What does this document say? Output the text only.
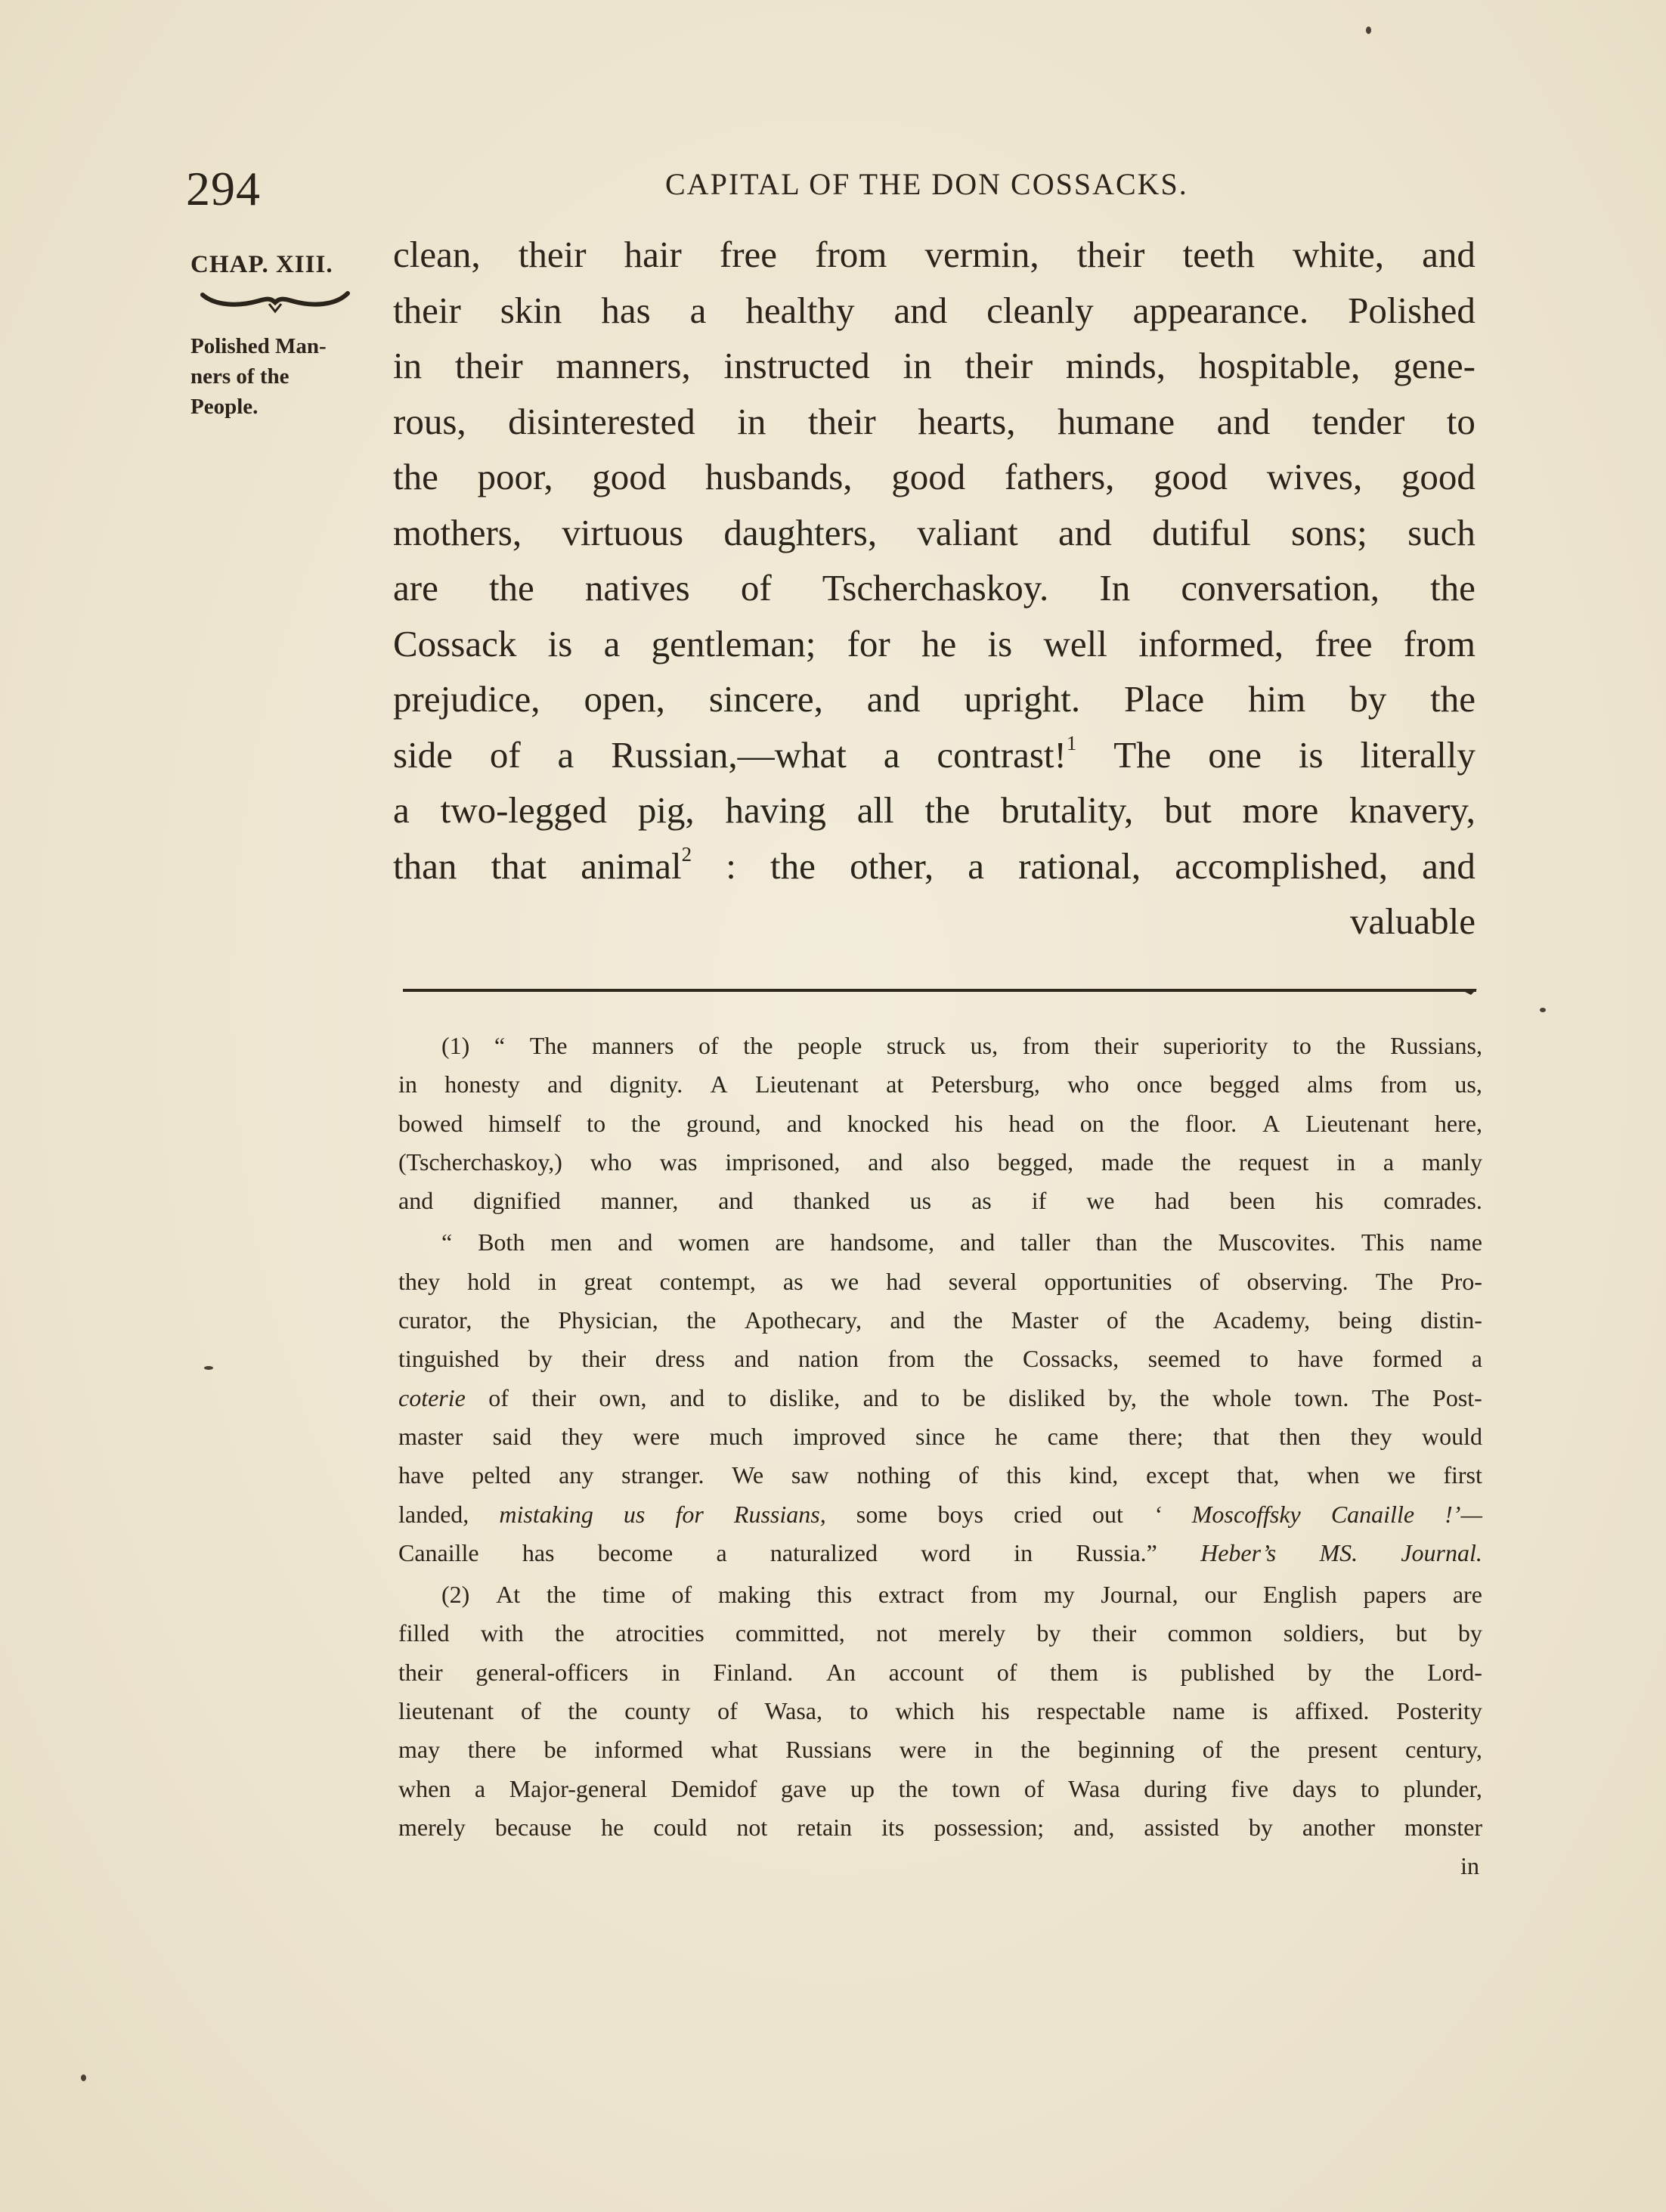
294	CAPITAL OF THE DON COSSACKS.
CHAP. XIII.
Polished Man-
ners of the
People.
clean, their hair free from vermin, their teeth white, and
their skin has a healthy and cleanly appearance. Polished
in their manners, instructed in their minds, hospitable, gene-
rous, disinterested in their hearts, humane and tender to
the poor, good husbands, good fathers, good wives, good
mothers, virtuous daughters, valiant and dutiful sons; such
are the natives of Tscherchaskoy. In conversation, the
Cossack is a gentleman; for he is well informed, free from
prejudice, open, sincere, and upright. Place him by the
side of a Russian,—what a contrast!$^1$ The one is literally
a two-legged pig, having all the brutality, but more knavery,
than that animal$^2$ : the other, a rational, accomplished, and
valuable
(1) “ The manners of the people struck us, from their superiority to the Russians,
in honesty and dignity. A Lieutenant at Petersburg, who once begged alms from us,
bowed himself to the ground, and knocked his head on the floor. A Lieutenant here,
(Tscherchaskoy,) who was imprisoned, and also begged, made the request in a manly
and dignified manner, and thanked us as if we had been his comrades.
“ Both men and women are handsome, and taller than the Muscovites. This name
they hold in great contempt, as we had several opportunities of observing. The Pro-
curator, the Physician, the Apothecary, and the Master of the Academy, being distin-
tinguished by their dress and nation from the Cossacks, seemed to have formed a
coterie of their own, and to dislike, and to be disliked by, the whole town. The Post-
master said they were much improved since he came there; that then they would
have pelted any stranger. We saw nothing of this kind, except that, when we first
landed, mistaking us for Russians, some boys cried out ‘ Moscoffsky Canaille !’—
Canaille has become a naturalized word in Russia.” Heber’s MS. Journal.
(2) At the time of making this extract from my Journal, our English papers are
filled with the atrocities committed, not merely by their common soldiers, but by
their general-officers in Finland. An account of them is published by the Lord-
lieutenant of the county of Wasa, to which his respectable name is affixed. Posterity
may there be informed what Russians were in the beginning of the present century,
when a Major-general Demidof gave up the town of Wasa during five days to plunder,
merely because he could not retain its possession; and, assisted by another monster
in
